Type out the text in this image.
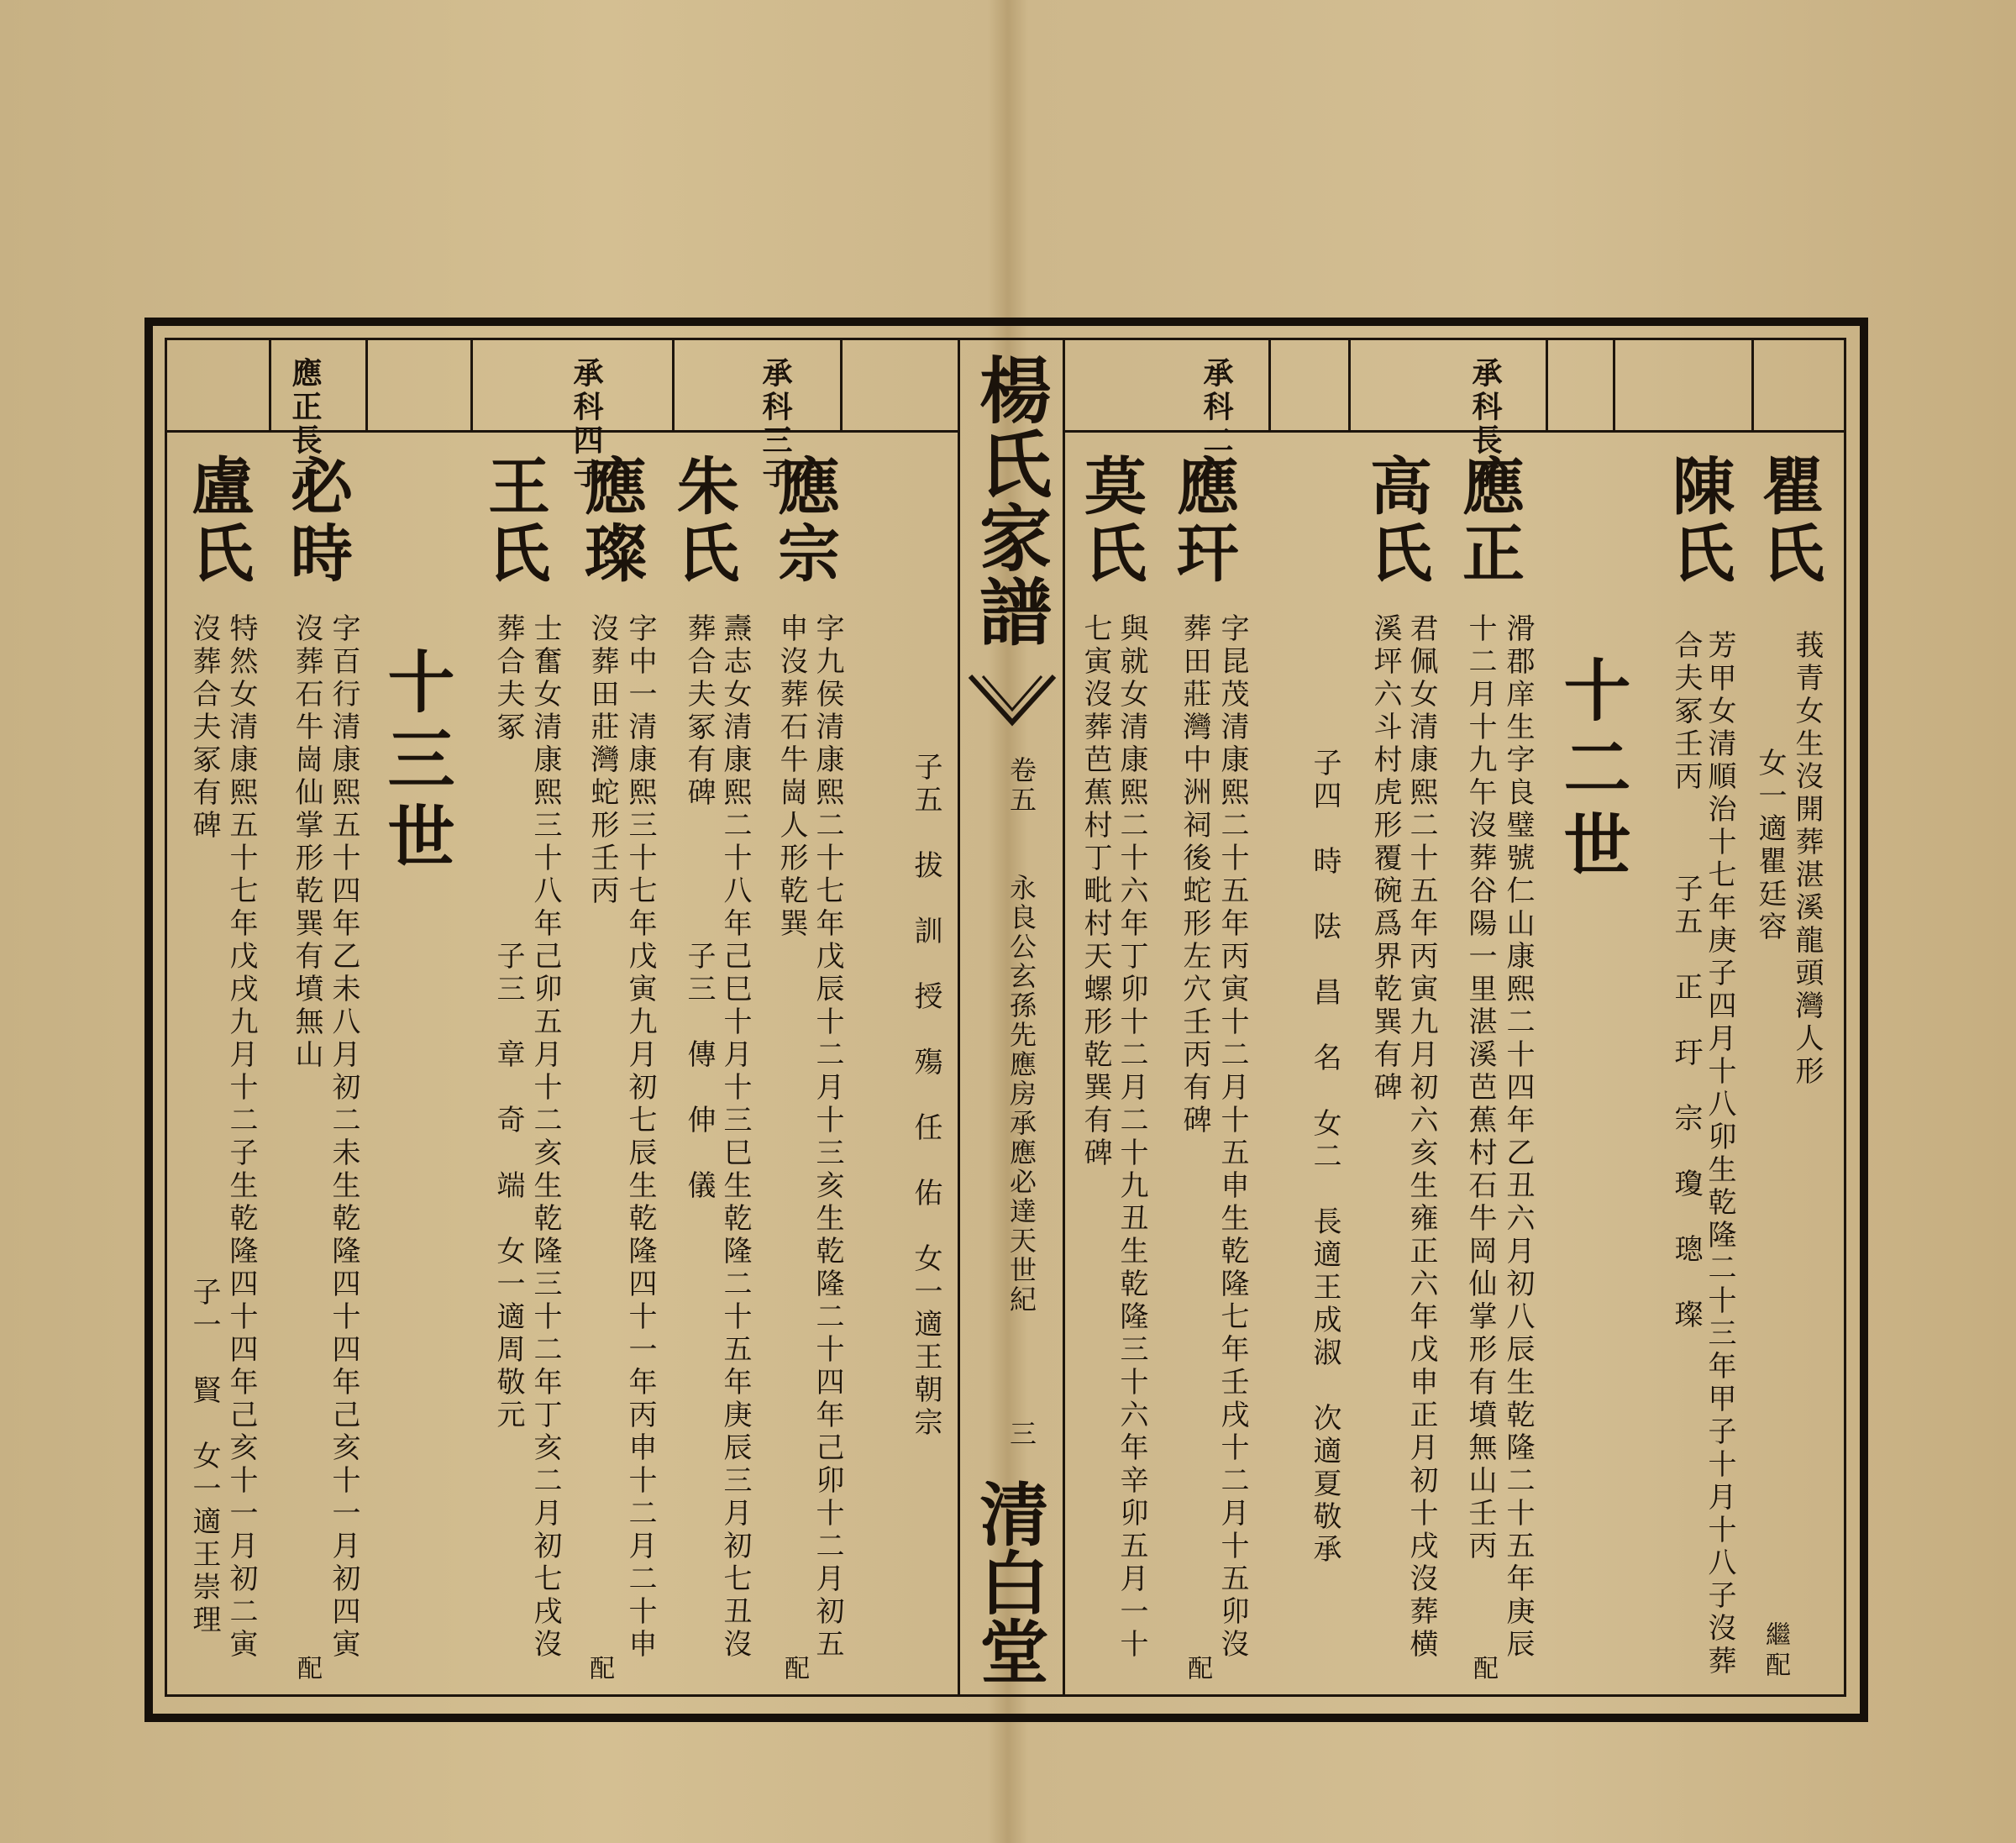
楊氏家譜
卷五
永良公玄孫先應房承應必達天世紀
三
清白堂
十二世
瞿氏
莪青女生沒開葬湛溪龍頭灣人形
女一適瞿廷容
繼配
陳氏
芳甲女清順治十七年庚子四月十八卯生乾隆二十三年甲子十月十八子沒葬
合夫冢壬丙
子五　正　玗　宗　瓊　璁　璨
承科長子
應正
滑郡庠生字良璧號仁山康熙二十四年乙丑六月初八辰生乾隆二十五年庚辰
十二月十九午沒葬谷陽一里湛溪芭蕉村石牛岡仙掌形有墳無山壬丙
配
高氏
君佩女清康熙二十五年丙寅九月初六亥生雍正六年戊申正月初十戌沒葬横
溪坪六斗村虎形覆碗爲界乾巽有碑
子四　時　阹　昌　名　女二　長適王成淑　次適夏敬承
承科二子
應玕
字昆茂清康熙二十五年丙寅十二月十五申生乾隆七年壬戌十二月十五卯沒
葬田莊灣中洲祠後蛇形左穴壬丙有碑
配
莫氏
與就女清康熙二十六年丁卯十二月二十九丑生乾隆三十六年辛卯五月一十
七寅沒葬芭蕉村丁毗村天螺形乾巽有碑
子五　拔　訓　授　殤　任　佑　女一適王朝宗
承科三子
應宗
字九侯清康熙二十七年戊辰十二月十三亥生乾隆二十四年己卯十二月初五
申沒葬石牛崗人形乾巽
配
朱氏
燾志女清康熙二十八年己巳十月十三巳生乾隆二十五年庚辰三月初七丑沒
葬合夫冢有碑
子三　傳　伸　儀
承科四子
應璨
字中一清康熙三十七年戊寅九月初七辰生乾隆四十一年丙申十二月二十申
沒葬田莊灣蛇形壬丙
配
王氏
士奮女清康熙三十八年己卯五月十二亥生乾隆三十二年丁亥二月初七戌沒
葬合夫冢
子三　章　奇　端　女一適周敬元
十三世
應正長子
必時
字百行清康熙五十四年乙未八月初二未生乾隆四十四年己亥十一月初四寅
沒葬石牛崗仙掌形乾巽有墳無山
配
盧氏
特然女清康熙五十七年戊戌九月十二子生乾隆四十四年己亥十一月初二寅
沒葬合夫冢有碑
子一　賢　女一適王崇理
